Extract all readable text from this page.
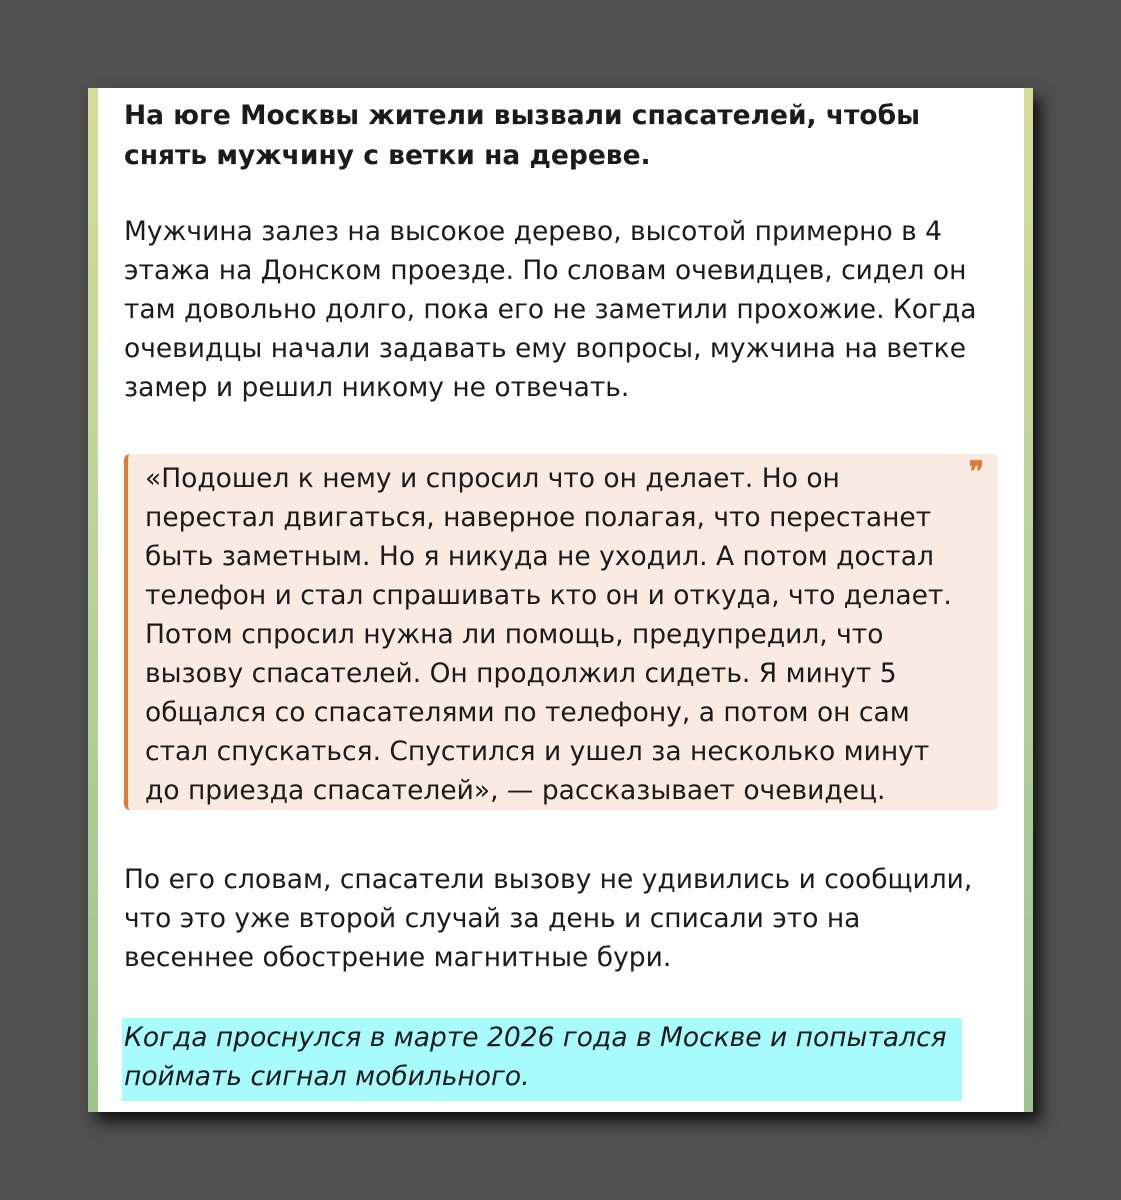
На юге Москвы жители вызвали спасателей, чтобы снять мужчину с ветки на дереве.

Мужчина залез на высокое дерево, высотой примерно в 4 этажа на Донском проезде. По словам очевидцев, сидел он там довольно долго, пока его не заметили прохожие. Когда очевидцы начали задавать ему вопросы, мужчина на ветке замер и решил никому не отвечать.

«Подошел к нему и спросил что он делает. Но он перестал двигаться, наверное полагая, что перестанет быть заметным. Но я никуда не уходил. А потом достал телефон и стал спрашивать кто он и откуда, что делает. Потом спросил нужна ли помощь, предупредил, что вызову спасателей. Он продолжил сидеть. Я минут 5 общался со спасателями по телефону, а потом он сам стал спускаться. Спустился и ушел за несколько минут до приезда спасателей», — рассказывает очевидец.

❞

По его словам, спасатели вызову не удивились и сообщили, что это уже второй случай за день и списали это на весеннее обострение магнитные бури.

Когда проснулся в марте 2026 года в Москве и попытался поймать сигнал мобильного.
